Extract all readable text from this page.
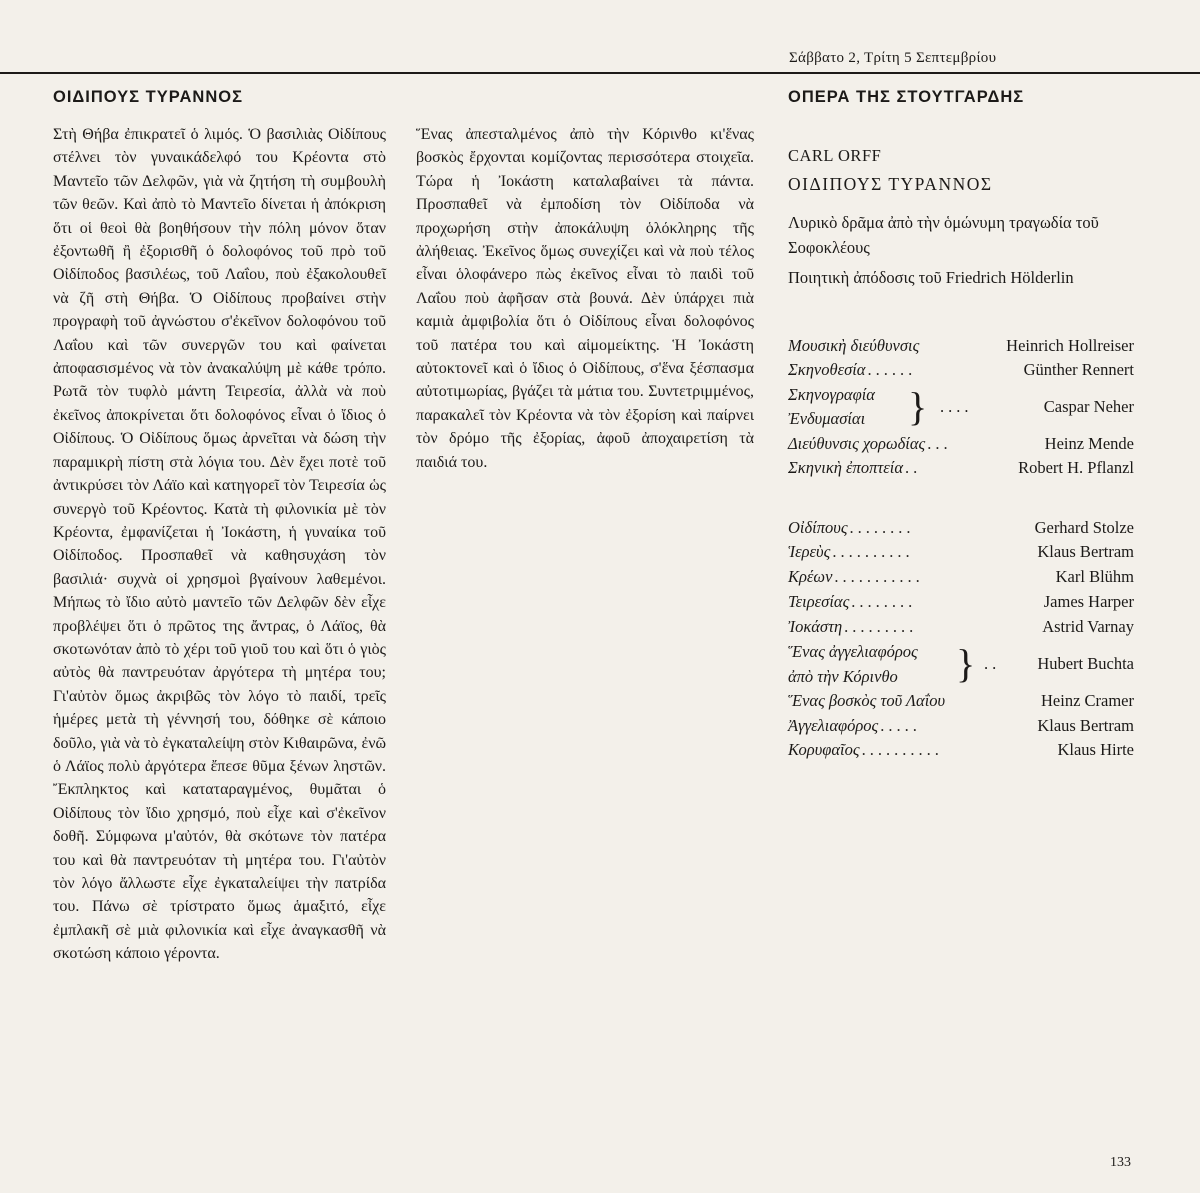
Σάββατο 2, Τρίτη 5 Σεπτεμβρίου
ΟΙΔΙΠΟΥΣ ΤΥΡΑΝΝΟΣ	ΟΠΕΡΑ ΤΗΣ ΣΤΟΥΤΓΑΡΔΗΣ

Στὴ Θήβα ἐπικρατεῖ ὁ λιμός. Ὁ βασιλιὰς Οἰδίπους στέλνει τὸν γυναικάδελφό του Κρέοντα στὸ Μαντεῖο τῶν Δελφῶν, γιὰ νὰ ζητήση τὴ συμβουλὴ τῶν θεῶν. Καὶ ἀπὸ τὸ Μαντεῖο δίνεται ἡ ἀπόκριση ὅτι οἱ θεοὶ θὰ βοηθήσουν τὴν πόλη μόνον ὅταν ἐξοντωθῆ ἢ ἐξορισθῆ ὁ δολοφόνος τοῦ πρὸ τοῦ Οἰδίποδος βασιλέως, τοῦ Λαΐου, ποὺ ἐξακολουθεῖ νὰ ζῆ στὴ Θήβα. Ὁ Οἰδίπους προβαίνει στὴν προγραφὴ τοῦ ἀγνώστου σ'ἐκεῖνον δολοφόνου τοῦ Λαΐου καὶ τῶν συνεργῶν του καὶ φαίνεται ἀποφασισμένος νὰ τὸν ἀνακαλύψη μὲ κάθε τρόπο. Ρωτᾶ τὸν τυφλὸ μάντη Τειρεσία, ἀλλὰ νὰ ποὺ ἐκεῖνος ἀποκρίνεται ὅτι δολοφόνος εἶναι ὁ ἴδιος ὁ Οἰδίπους. Ὁ Οἰδίπους ὅμως ἀρνεῖται νὰ δώση τὴν παραμικρὴ πίστη στὰ λόγια του. Δὲν ἔχει ποτὲ τοῦ ἀντικρύσει τὸν Λάϊο καὶ κατηγορεῖ τὸν Τειρεσία ὡς συνεργὸ τοῦ Κρέοντος. Κατὰ τὴ φιλονικία μὲ τὸν Κρέοντα, ἐμφανίζεται ἡ Ἰοκάστη, ἡ γυναίκα τοῦ Οἰδίποδος. Προσπαθεῖ νὰ καθησυχάση τὸν βασιλιά· συχνὰ οἱ χρησμοὶ βγαίνουν λαθεμένοι. Μήπως τὸ ἴδιο αὐτὸ μαντεῖο τῶν Δελφῶν δὲν εἶχε προβλέψει ὅτι ὁ πρῶτος της ἄντρας, ὁ Λάϊος, θὰ σκοτωνόταν ἀπὸ τὸ χέρι τοῦ γιοῦ του καὶ ὅτι ὁ γιὸς αὐτὸς θὰ παντρευόταν ἀργότερα τὴ μητέρα του; Γι'αὐτὸν ὅμως ἀκριβῶς τὸν λόγο τὸ παιδί, τρεῖς ἡμέρες μετὰ τὴ γέννησή του, δόθηκε σὲ κάποιο δοῦλο, γιὰ νὰ τὸ ἐγκαταλείψη στὸν Κιθαιρῶνα, ἐνῶ ὁ Λάϊος πολὺ ἀργότερα ἔπεσε θῦμα ξένων ληστῶν. Ἔκπληκτος καὶ καταταραγμένος, θυμᾶται ὁ Οἰδίπους τὸν ἴδιο χρησμό, ποὺ εἶχε καὶ σ'ἐκεῖνον δοθῆ. Σύμφωνα μ'αὐτόν, θὰ σκότωνε τὸν πατέρα του καὶ θὰ παντρευόταν τὴ μητέρα του. Γι'αὐτὸν τὸν λόγο ἄλλωστε εἶχε ἐγκαταλείψει τὴν πατρίδα του. Πάνω σὲ τρίστρατο ὅμως ἁμαξιτό, εἶχε ἐμπλακῆ σὲ μιὰ φιλονικία καὶ εἶχε ἀναγκασθῆ νὰ σκοτώση κάποιο γέροντα.

Ἕνας ἀπεσταλμένος ἀπὸ τὴν Κόρινθο κι'ἕνας βοσκὸς ἔρχονται κομίζοντας περισσότερα στοιχεῖα. Τώρα ἡ Ἰοκάστη καταλαβαίνει τὰ πάντα. Προσπαθεῖ νὰ ἐμποδίση τὸν Οἰδίποδα νὰ προχωρήση στὴν ἀποκάλυψη ὁλόκληρης τῆς ἀλήθειας. Ἐκεῖνος ὅμως συνεχίζει καὶ νὰ ποὺ τέλος εἶναι ὁλοφάνερο πὼς ἐκεῖνος εἶναι τὸ παιδὶ τοῦ Λαΐου ποὺ ἀφῆσαν στὰ βουνά. Δὲν ὑπάρχει πιὰ καμιὰ ἀμφιβολία ὅτι ὁ Οἰδίπους εἶναι δολοφόνος τοῦ πατέρα του καὶ αἱμομείκτης. Ἡ Ἰοκάστη αὐτοκτονεῖ καὶ ὁ ἴδιος ὁ Οἰδίπους, σ'ἕνα ξέσπασμα αὐτοτιμωρίας, βγάζει τὰ μάτια του. Συντετριμμένος, παρακαλεῖ τὸν Κρέοντα νὰ τὸν ἐξορίση καὶ παίρνει τὸν δρόμο τῆς ἐξορίας, ἀφοῦ ἀποχαιρετίση τὰ παιδιά του.

CARL ORFF
ΟΙΔΙΠΟΥΣ ΤΥΡΑΝΝΟΣ
Λυρικὸ δρᾶμα ἀπὸ τὴν ὁμώνυμη τραγωδία τοῦ Σοφοκλέους
Ποιητικὴ ἀπόδοσις τοῦ Friedrich Hölderlin
Μουσικὴ διεύθυνσις	Heinrich Hollreiser
Σκηνοθεσία ......	Günther Rennert
Σκηνογραφία
Ἐνδυμασίαι } ....	Caspar Neher
Διεύθυνσις χορωδίας ...	Heinz Mende
Σκηνικὴ ἐποπτεία ..	Robert H. Pflanzl
Οἰδίπους ........	Gerhard Stolze
Ἱερεὺς ..........	Klaus Bertram
Κρέων ...........	Karl Blühm
Τειρεσίας ........	James Harper
Ἰοκάστη .........	Astrid Varnay
Ἕνας ἀγγελιαφόρος
ἀπὸ τὴν Κόρινθο } .. Hubert Buchta
Ἕνας βοσκὸς τοῦ Λαΐου	Heinz Cramer
Ἀγγελιαφόρος .....	Klaus Bertram
Κορυφαῖος ..........	Klaus Hirte
133
